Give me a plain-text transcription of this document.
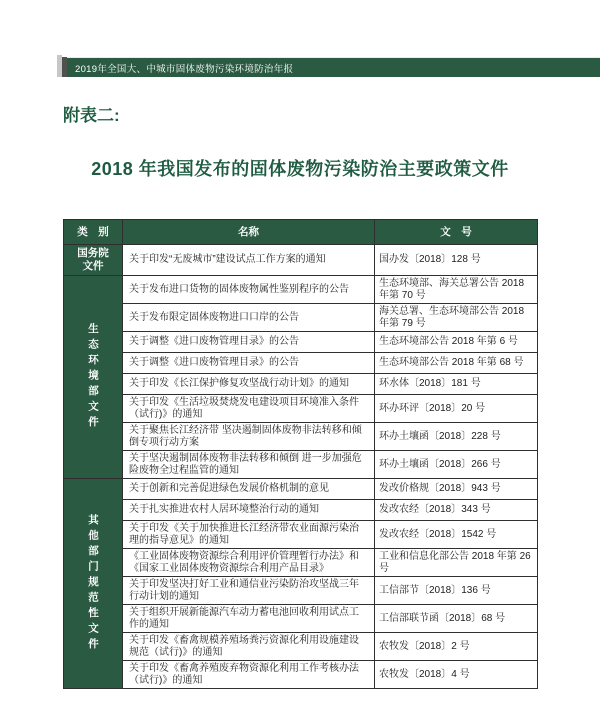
2019年全国大、中城市固体废物污染环境防治年报
附表二:
2018 年我国发布的固体废物污染防治主要政策文件
类　别	名称	文　号

国务院文件	关于印发“无废城市”建设试点工作方案的通知	国办发〔2018〕128 号

生态环境部文件	关于发布进口货物的固体废物属性鉴别程序的公告	生态环境部、海关总署公告 2018 年第 70 号
	关于发布限定固体废物进口口岸的公告	海关总署、生态环境部公告 2018 年第 79 号
	关于调整《进口废物管理目录》的公告	生态环境部公告 2018 年第 6 号
	关于调整《进口废物管理目录》的公告	生态环境部公告 2018 年第 68 号
	关于印发《长江保护修复攻坚战行动计划》的通知	环水体〔2018〕181 号
	关于印发《生活垃圾焚烧发电建设项目环境准入条件（试行)》的通知	环办环评〔2018〕20 号
	关于聚焦长江经济带 坚决遏制固体废物非法转移和倾倒专项行动方案	环办土壤函〔2018〕228 号
	关于坚决遏制固体废物非法转移和倾倒 进一步加强危险废物全过程监管的通知	环办土壤函〔2018〕266 号

其他部门规范性文件	关于创新和完善促进绿色发展价格机制的意见	发改价格规〔2018〕943 号
	关于扎实推进农村人居环境整治行动的通知	发改农经〔2018〕343 号
	关于印发《关于加快推进长江经济带农业面源污染治理的指导意见》的通知	发改农经〔2018〕1542 号
	《工业固体废物资源综合利用评价管理暂行办法》和《国家工业固体废物资源综合利用产品目录》	工业和信息化部公告 2018 年第 26 号
	关于印发坚决打好工业和通信业污染防治攻坚战三年行动计划的通知	工信部节〔2018〕136 号
	关于组织开展新能源汽车动力蓄电池回收利用试点工作的通知	工信部联节函〔2018〕68 号
	关于印发《畜禽规模养殖场粪污资源化利用设施建设规范（试行)》的通知	农牧发〔2018〕2 号
	关于印发《畜禽养殖废弃物资源化利用工作考核办法（试行)》的通知	农牧发〔2018〕4 号
